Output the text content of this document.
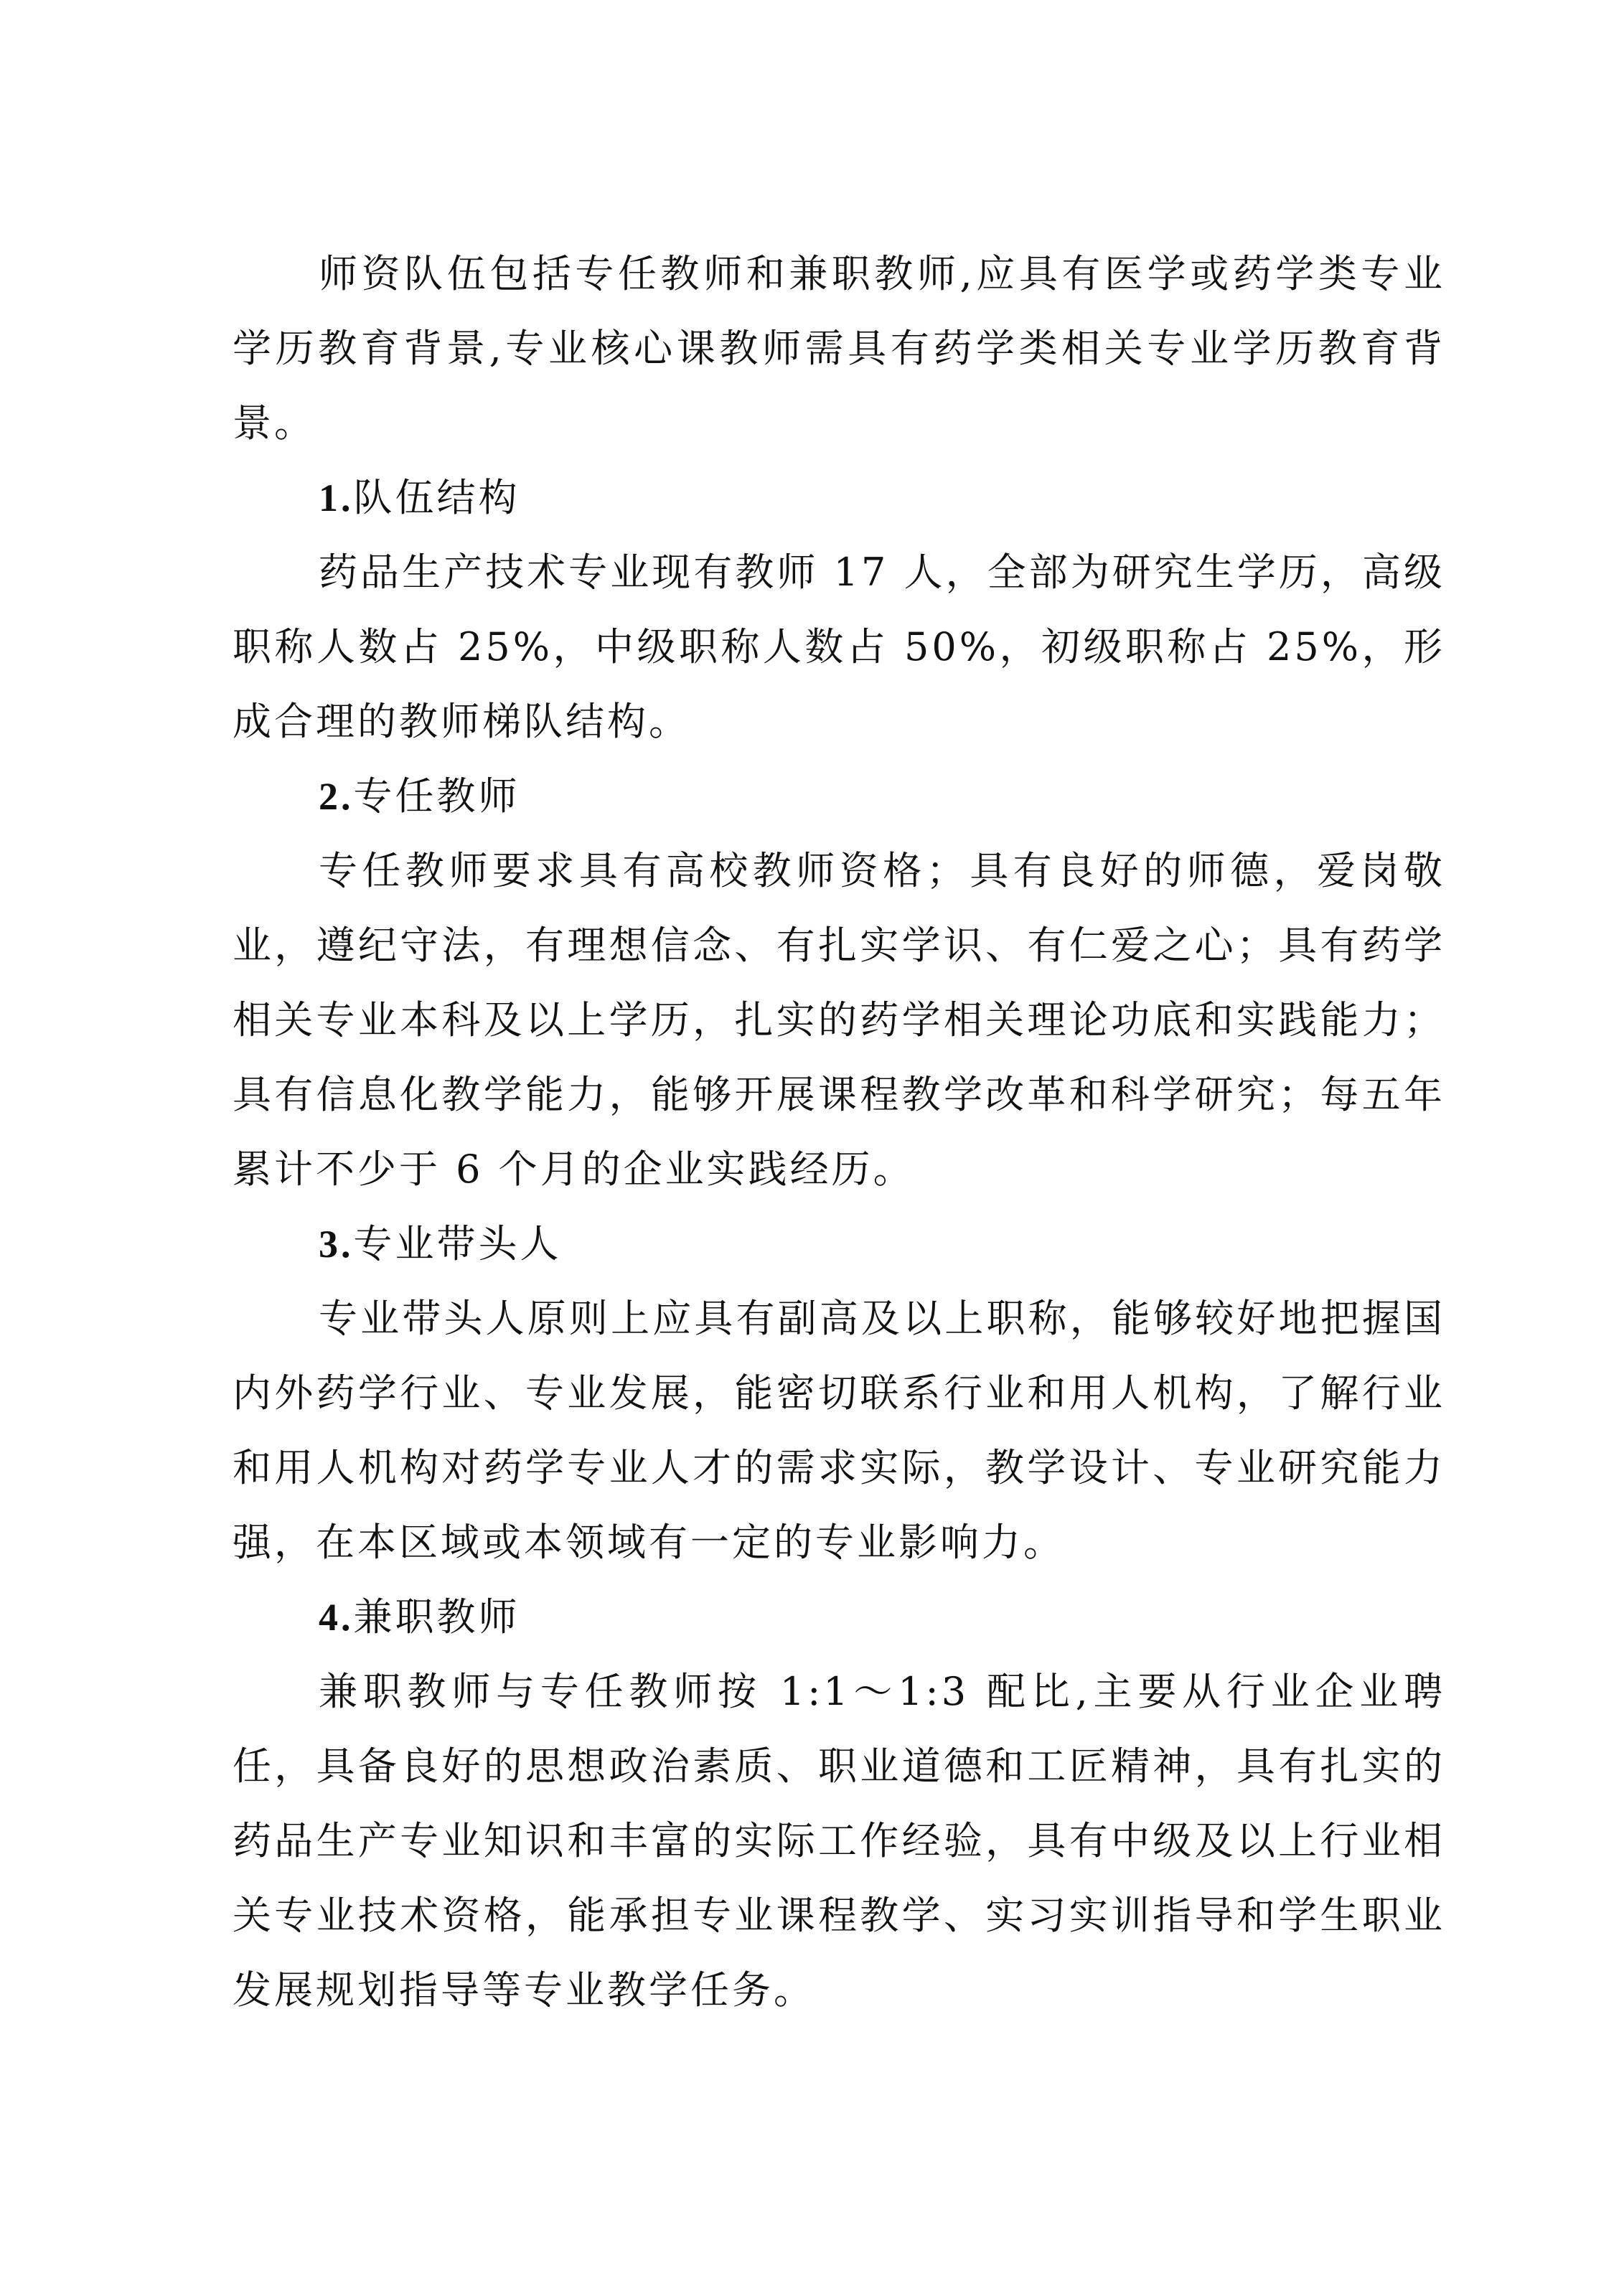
师资队伍包括专任教师和兼职教师,应具有医学或药学类专业学历教育背景,专业核心课教师需具有药学类相关专业学历教育背景。

1.队伍结构

药品生产技术专业现有教师 17 人，全部为研究生学历，高级职称人数占 25%，中级职称人数占 50%，初级职称占 25%，形成合理的教师梯队结构。

2.专任教师

专任教师要求具有高校教师资格；具有良好的师德，爱岗敬业，遵纪守法，有理想信念、有扎实学识、有仁爱之心；具有药学相关专业本科及以上学历，扎实的药学相关理论功底和实践能力；具有信息化教学能力，能够开展课程教学改革和科学研究；每五年累计不少于 6 个月的企业实践经历。

3.专业带头人

专业带头人原则上应具有副高及以上职称，能够较好地把握国内外药学行业、专业发展，能密切联系行业和用人机构，了解行业和用人机构对药学专业人才的需求实际，教学设计、专业研究能力强，在本区域或本领域有一定的专业影响力。

4.兼职教师

兼职教师与专任教师按 1:1～1:3 配比,主要从行业企业聘任，具备良好的思想政治素质、职业道德和工匠精神，具有扎实的药品生产专业知识和丰富的实际工作经验，具有中级及以上行业相关专业技术资格，能承担专业课程教学、实习实训指导和学生职业发展规划指导等专业教学任务。
